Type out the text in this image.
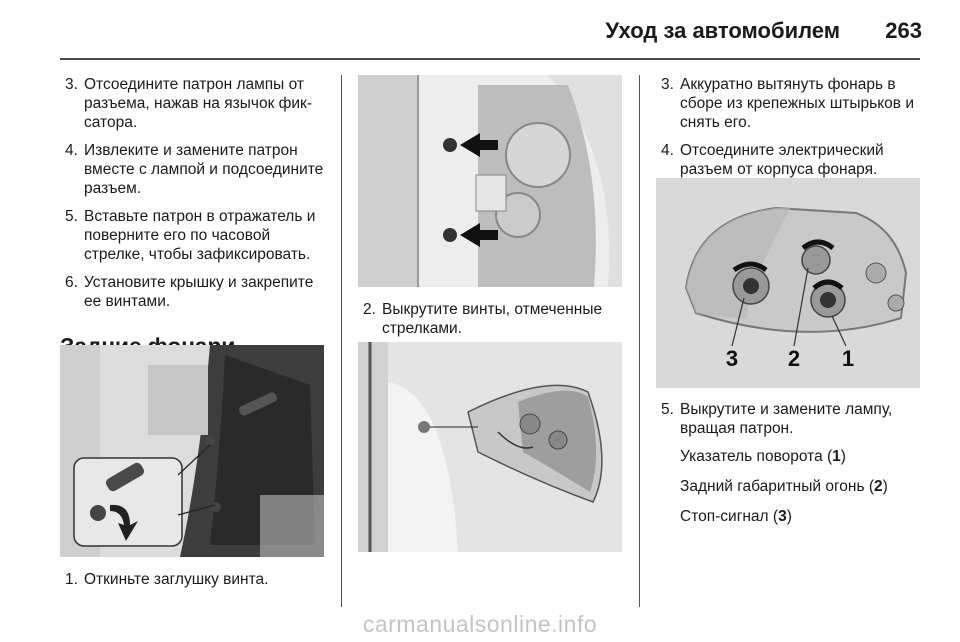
Уход за автомобилем 263
3. Отсоедините патрон лампы от разъема, нажав на язычок фиксатора.
4. Извлеките и замените патрон вместе с лампой и подсоедините разъем.
5. Вставьте патрон в отражатель и поверните его по часовой стрелке, чтобы зафиксировать.
6. Установите крышку и закрепите ее винтами.
1. Откиньте заглушку винта.
2. Выкрутите винты, отмеченные стрелками.
3. Аккуратно вытянуть фонарь в сборе из крепежных штырьков и снять его.
4. Отсоедините электрический разъем от корпуса фонаря.
3 2 1
5. Выкрутите и замените лампу, вращая патрон.
Указатель поворота (1)
Задний габаритный огонь (2)
Стоп-сигнал (3)
carmanualsonline.info
